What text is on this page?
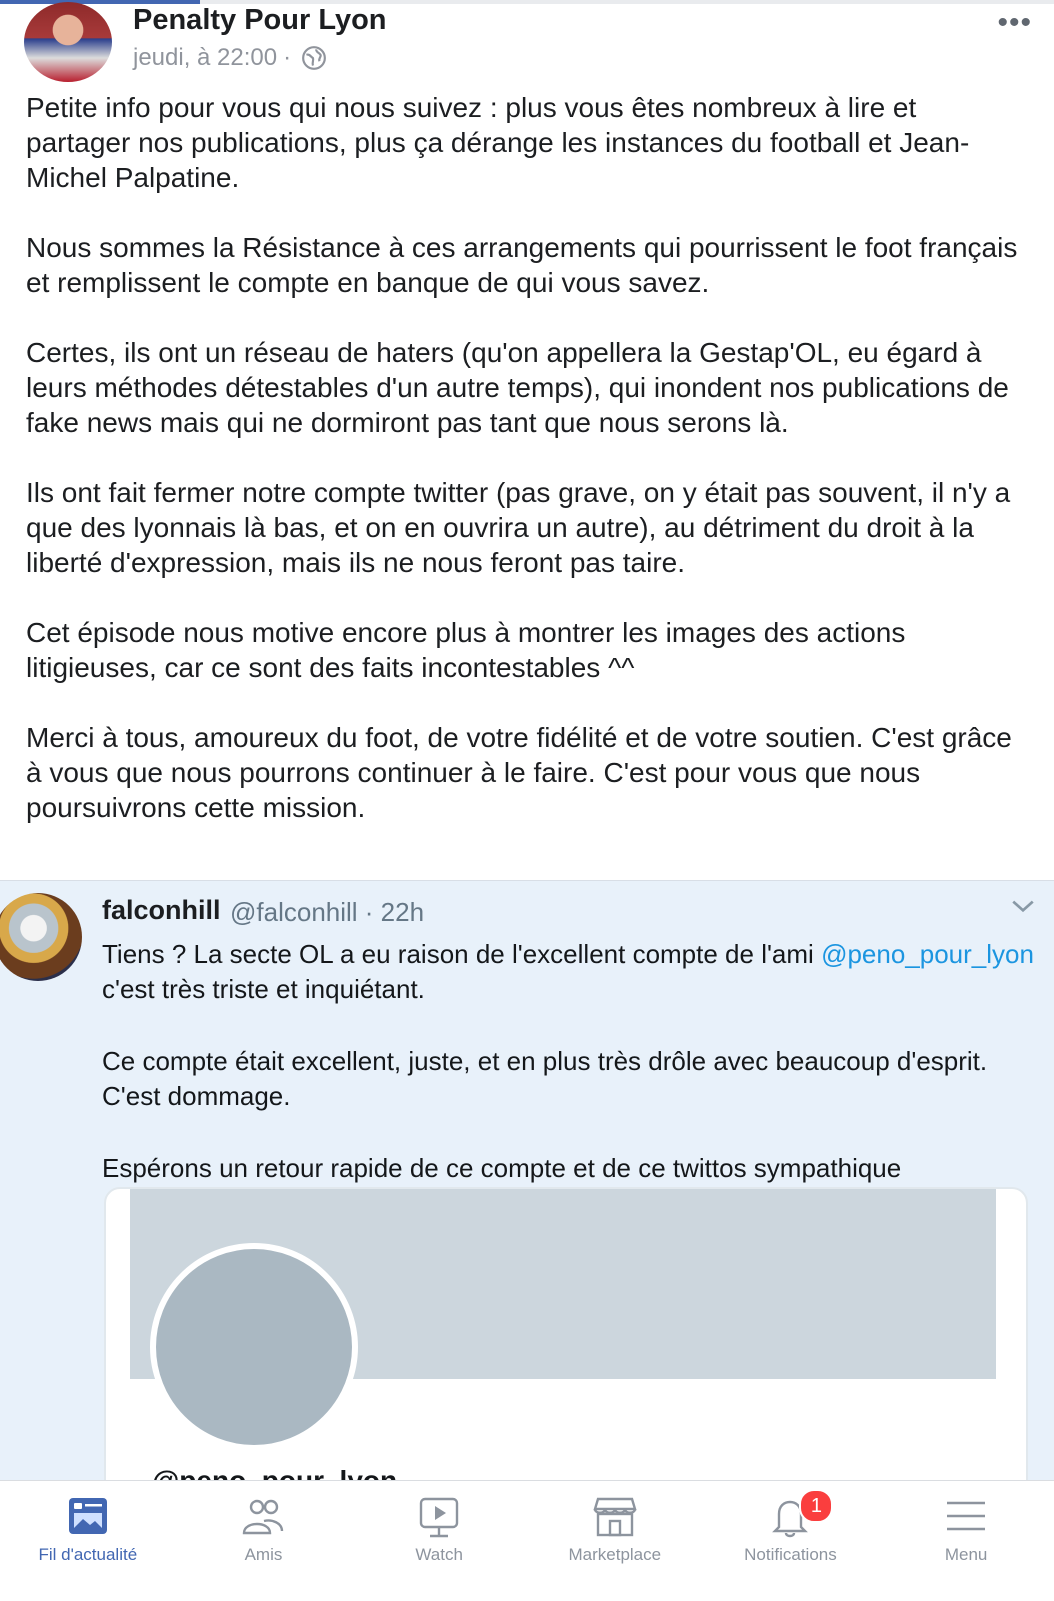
Penalty Pour Lyon
jeudi, à 22:00 ·
•••

Petite info pour vous qui nous suivez : plus vous êtes nombreux à lire et partager nos publications, plus ça dérange les instances du football et Jean-Michel Palpatine.

Nous sommes la Résistance à ces arrangements qui pourrissent le foot français et remplissent le compte en banque de qui vous savez.

Certes, ils ont un réseau de haters (qu'on appellera la Gestap'OL, eu égard à leurs méthodes détestables d'un autre temps), qui inondent nos publications de fake news mais qui ne dormiront pas tant que nous serons là.

Ils ont fait fermer notre compte twitter (pas grave, on y était pas souvent, il n'y a que des lyonnais là bas, et on en ouvrira un autre), au détriment du droit à la liberté d'expression, mais ils ne nous feront pas taire.

Cet épisode nous motive encore plus à montrer les images des actions litigieuses, car ce sont des faits incontestables ^^

Merci à tous, amoureux du foot, de votre fidélité et de votre soutien. C'est grâce à vous que nous pourrons continuer à le faire. C'est pour vous que nous poursuivrons cette mission.

falconhill @falconhill · 22h

Tiens ? La secte OL a eu raison de l'excellent compte de l'ami @peno_pour_lyon c'est très triste et inquiétant.

Ce compte était excellent, juste, et en plus très drôle avec beaucoup d'esprit. C'est dommage.

Espérons un retour rapide de ce compte et de ce twittos sympathique

Fil d'actualité	Amis	Watch	Marketplace
1
Notifications	Menu
